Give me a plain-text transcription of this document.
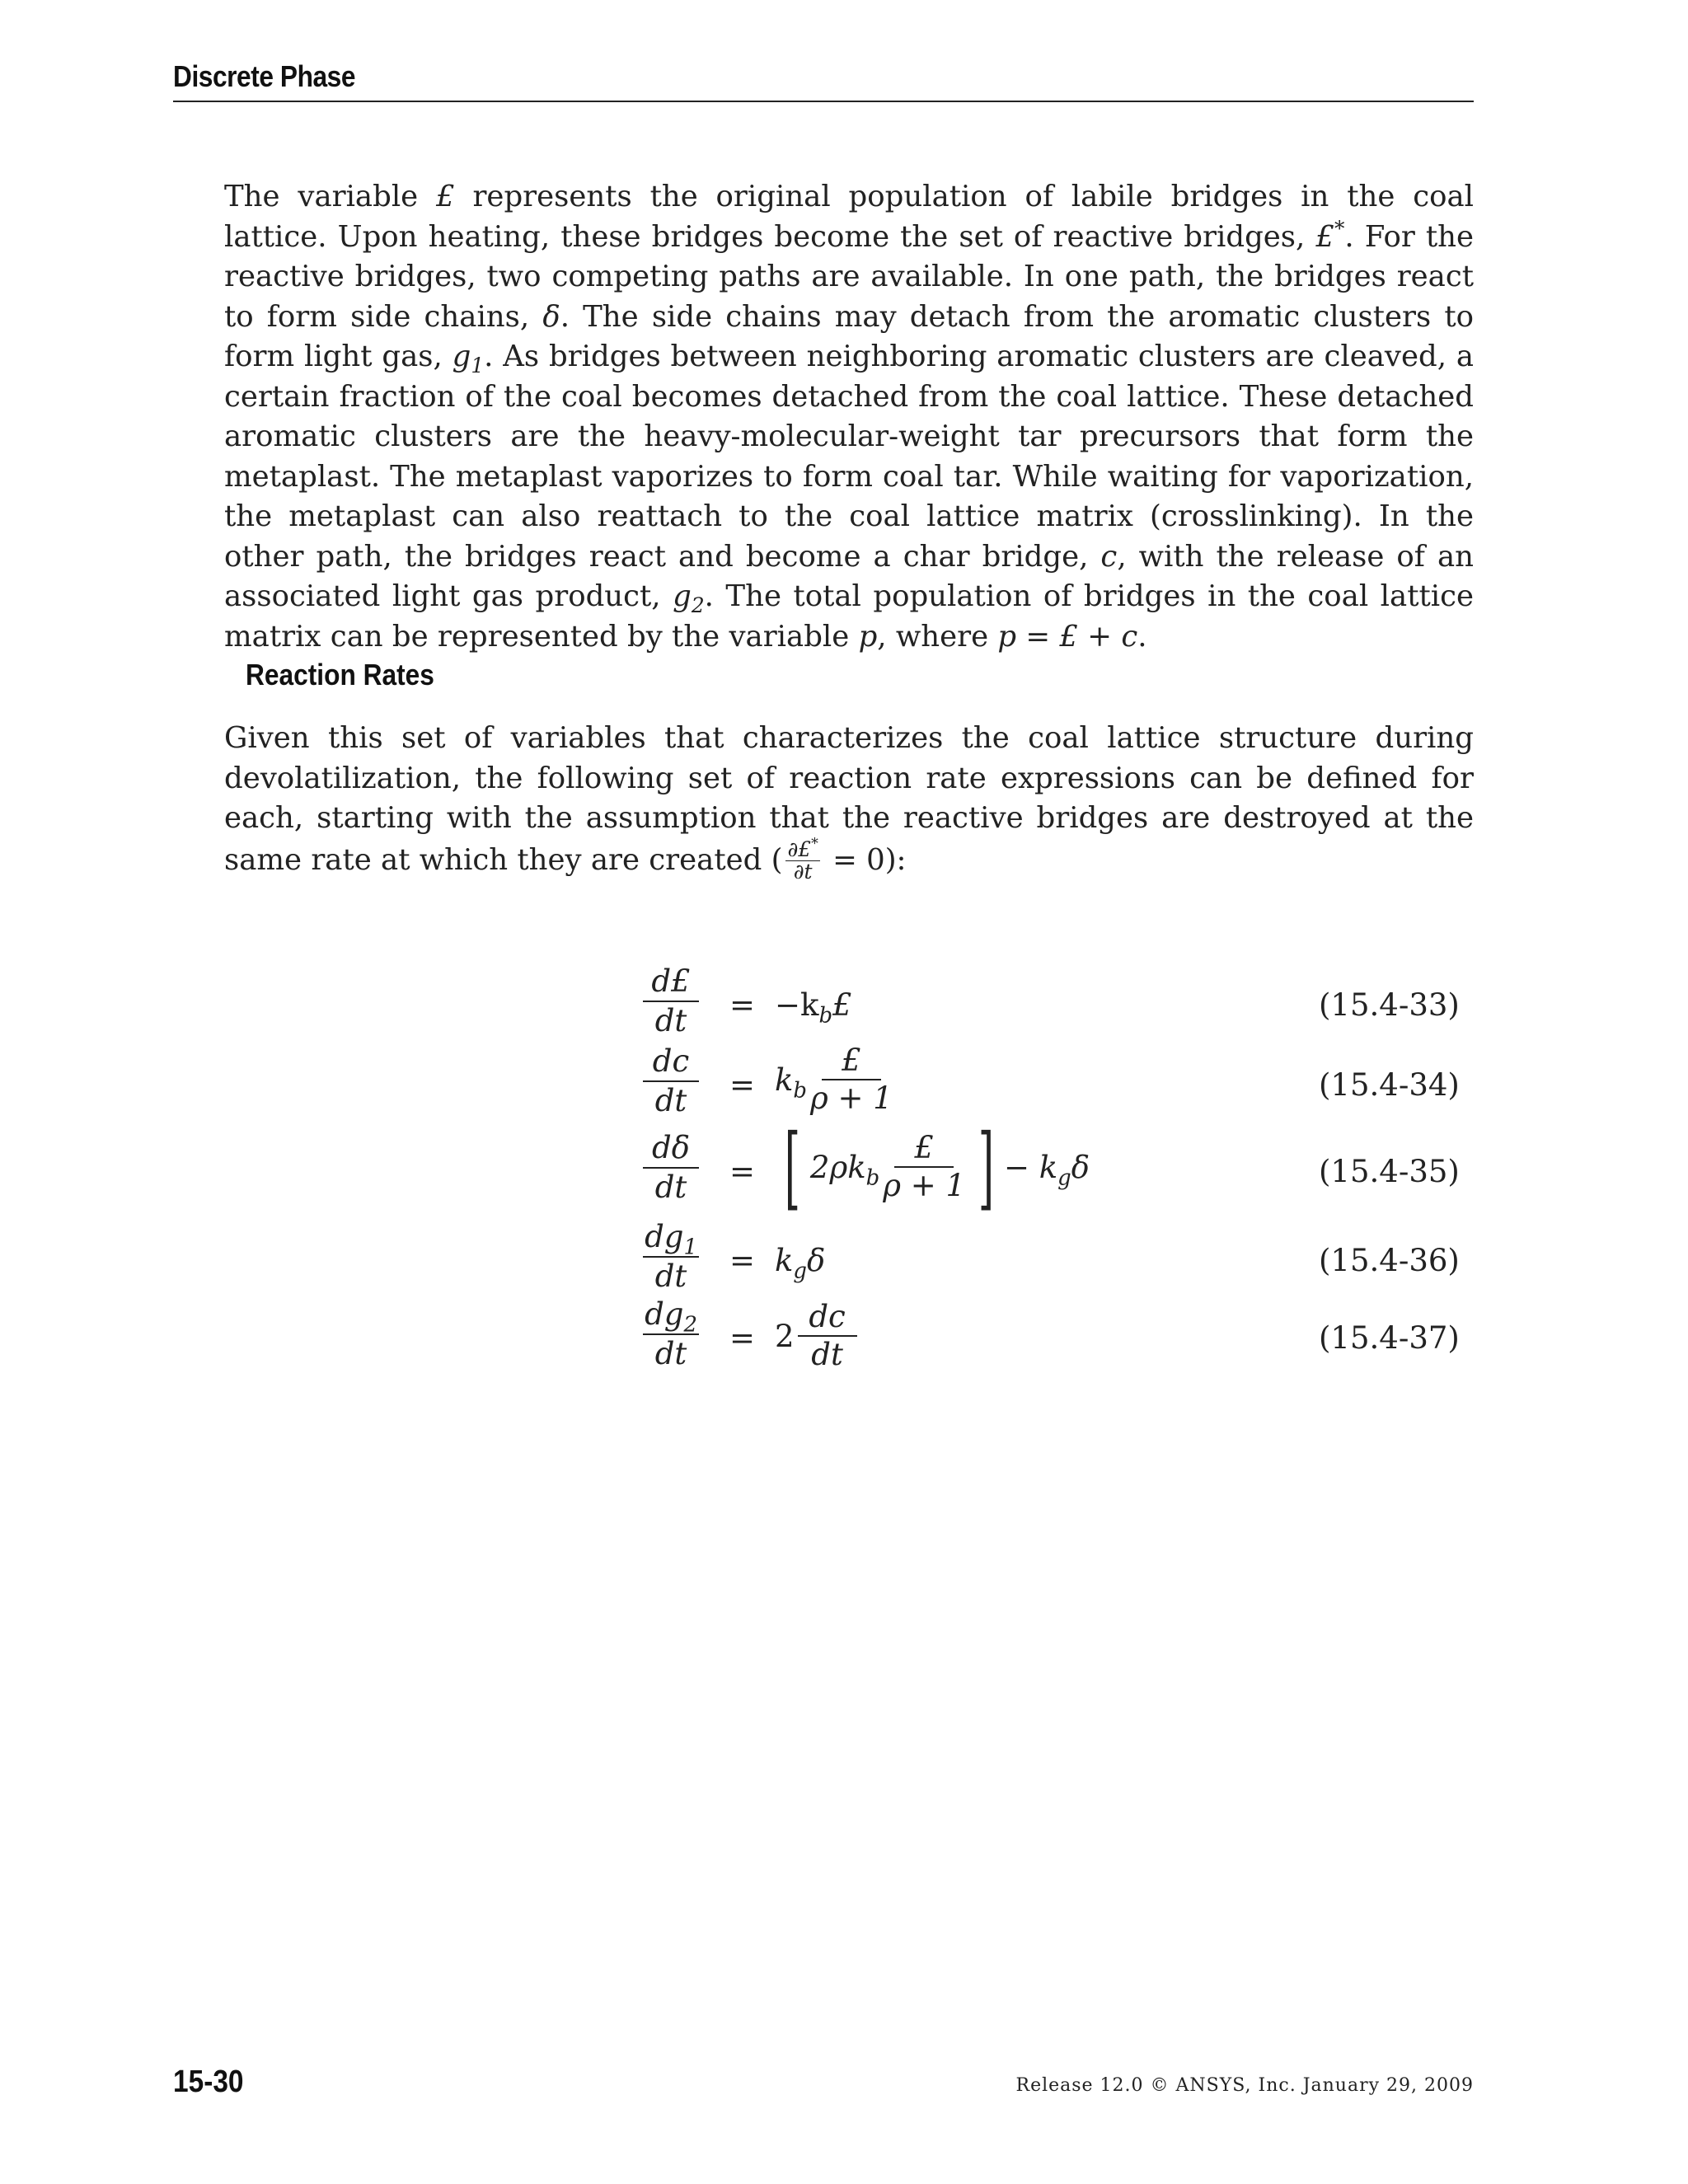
Discrete Phase
The variable £ represents the original population of labile bridges in the coal lattice. Upon heating, these bridges become the set of reactive bridges, £*. For the reactive bridges, two competing paths are available. In one path, the bridges react to form side chains, δ. The side chains may detach from the aromatic clusters to form light gas, $g_1$. As bridges between neighboring aromatic clusters are cleaved, a certain fraction of the coal becomes detached from the coal lattice. These detached aromatic clusters are the heavy-molecular-weight tar precursors that form the metaplast. The metaplast vaporizes to form coal tar. While waiting for vaporization, the metaplast can also reattach to the coal lattice matrix (crosslinking). In the other path, the bridges react and become a char bridge, c, with the release of an associated light gas product, $g_2$. The total population of bridges in the coal lattice matrix can be represented by the variable p, where p = £ + c.
Reaction Rates
Given this set of variables that characterizes the coal lattice structure during devolatilization, the following set of reaction rate expressions can be defined for each, starting with the assumption that the reactive bridges are destroyed at the same rate at which they are created ( $\frac{\partial£^*}{\partial t} = 0$):
$\frac{d£}{dt} = -k$ $_b$ £	(15.4-33)
$\frac{dc}{dt} = k$ $_b \frac{£}{\rho + 1}$	(15.4-34)
$\frac{d\delta}{dt}$ = [ 2ρk $_b \frac{£}{\rho + 1}$ ] − k $_g$ δ	(15.4-35)
$\frac{dg_1}{dt} = k$ $_g$ δ	(15.4-36)
$\frac{dg_2}{dt} = 2 \frac{dc}{dt}$	(15.4-37)
15-30	Release 12.0 © ANSYS, Inc. January 29, 2009
